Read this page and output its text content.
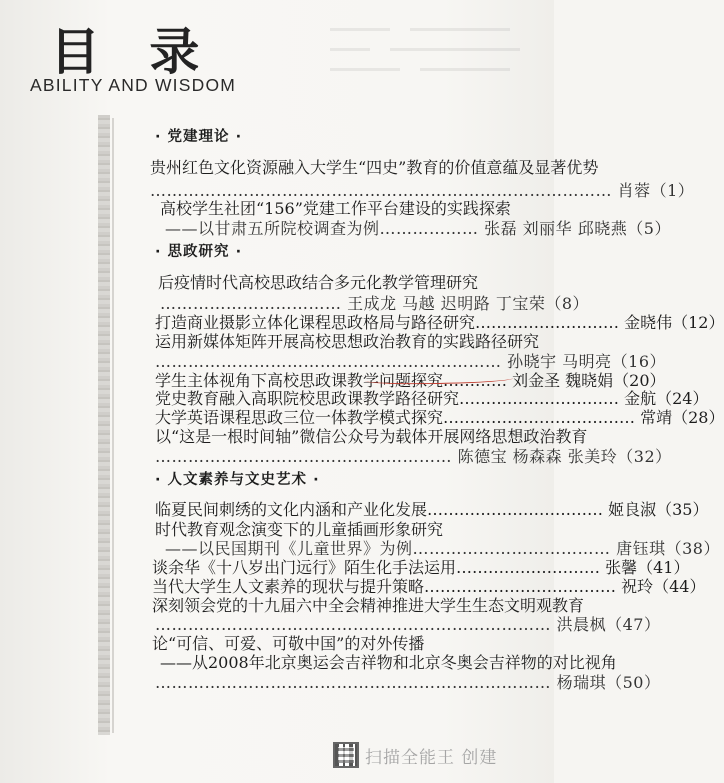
目 录
ABILITY AND WISDOM
· 党建理论 ·
贵州红色文化资源融入大学生“四史”教育的价值意蕴及显著优势
………………………………………………………………………… 肖蓉（1）
高校学生社团“156”党建工作平台建设的实践探索
——以甘肃五所院校调查为例……………… 张磊 刘丽华 邱晓燕（5）
· 思政研究 ·
后疫情时代高校思政结合多元化教学管理研究
…………………………… 王成龙 马越 迟明路 丁宝荣（8）
打造商业摄影立体化课程思政格局与路径研究……………………… 金晓伟（12）
运用新媒体矩阵开展高校思想政治教育的实践路径研究
……………………………………………………… 孙晓宇 马明亮（16）
学生主体视角下高校思政课教学问题探究………… 刘金圣 魏晓娟（20）
党史教育融入高职院校思政课教学路径研究………………………… 金航（24）
大学英语课程思政三位一体教学模式探究……………………………… 常靖（28）
以“这是一根时间轴”微信公众号为载体开展网络思想政治教育
……………………………………………… 陈德宝 杨森森 张美玲（32）
· 人文素养与文史艺术 ·
临夏民间刺绣的文化内涵和产业化发展…………………………… 姬良淑（35）
时代教育观念演变下的儿童插画形象研究
——以民国期刊《儿童世界》为例……………………………… 唐钰琪（38）
谈余华《十八岁出门远行》陌生化手法运用……………………… 张馨（41）
当代大学生人文素养的现状与提升策略……………………………… 祝玲（44）
深刻领会党的十九届六中全会精神推进大学生生态文明观教育
……………………………………………………………… 洪晨枫（47）
论“可信、可爱、可敬中国”的对外传播
——从2008年北京奥运会吉祥物和北京冬奥会吉祥物的对比视角
……………………………………………………………… 杨瑞琪（50）
扫描全能王 创建
